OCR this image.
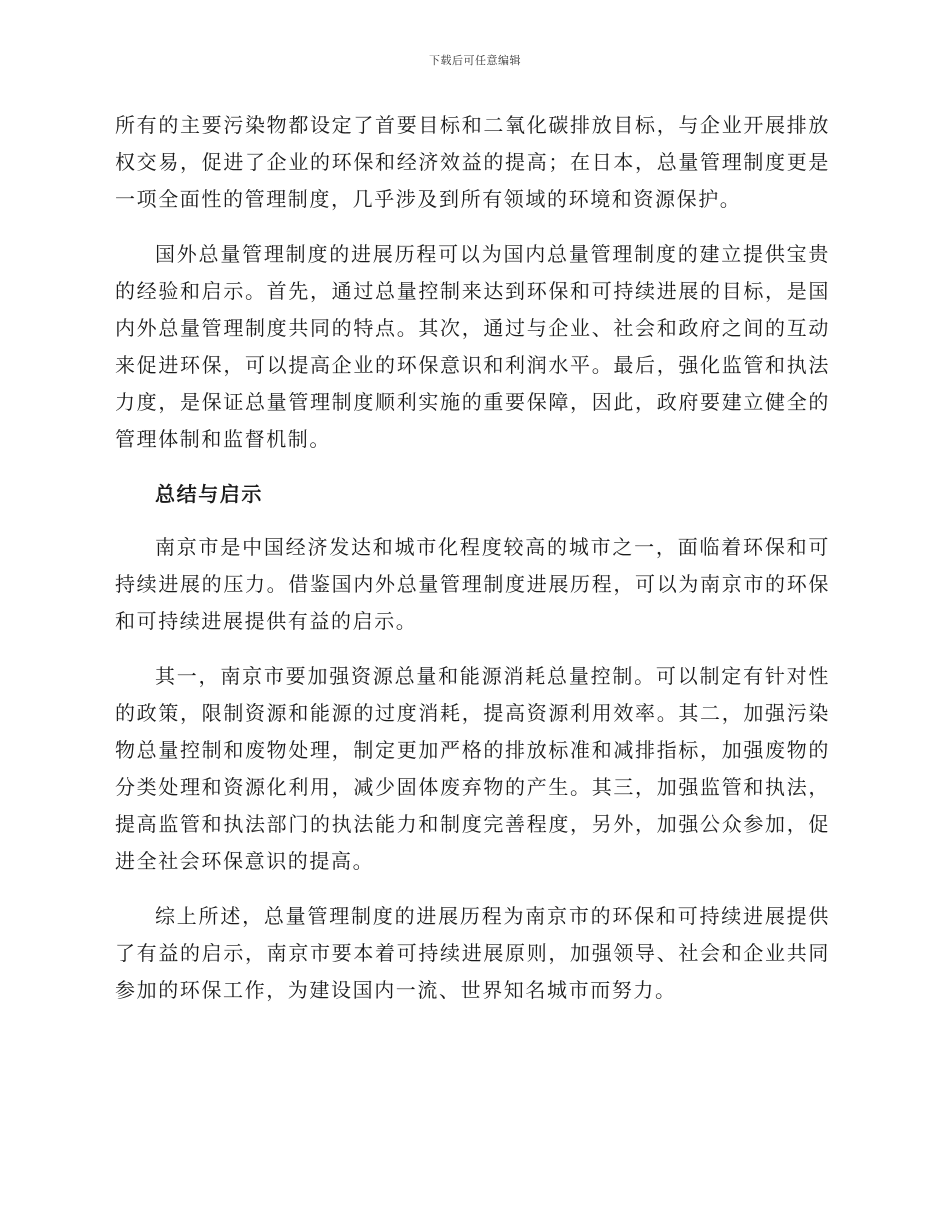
下载后可任意编辑

所有的主要污染物都设定了首要目标和二氧化碳排放目标，与企业开展排放权交易，促进了企业的环保和经济效益的提高；在日本，总量管理制度更是一项全面性的管理制度，几乎涉及到所有领域的环境和资源保护。

国外总量管理制度的进展历程可以为国内总量管理制度的建立提供宝贵的经验和启示。首先，通过总量控制来达到环保和可持续进展的目标，是国内外总量管理制度共同的特点。其次，通过与企业、社会和政府之间的互动来促进环保，可以提高企业的环保意识和利润水平。最后，强化监管和执法力度，是保证总量管理制度顺利实施的重要保障，因此，政府要建立健全的管理体制和监督机制。

总结与启示

南京市是中国经济发达和城市化程度较高的城市之一，面临着环保和可持续进展的压力。借鉴国内外总量管理制度进展历程，可以为南京市的环保和可持续进展提供有益的启示。

其一，南京市要加强资源总量和能源消耗总量控制。可以制定有针对性的政策，限制资源和能源的过度消耗，提高资源利用效率。其二，加强污染物总量控制和废物处理，制定更加严格的排放标准和减排指标，加强废物的分类处理和资源化利用，减少固体废弃物的产生。其三，加强监管和执法，提高监管和执法部门的执法能力和制度完善程度，另外，加强公众参加，促进全社会环保意识的提高。

综上所述，总量管理制度的进展历程为南京市的环保和可持续进展提供了有益的启示，南京市要本着可持续进展原则，加强领导、社会和企业共同参加的环保工作，为建设国内一流、世界知名城市而努力。
